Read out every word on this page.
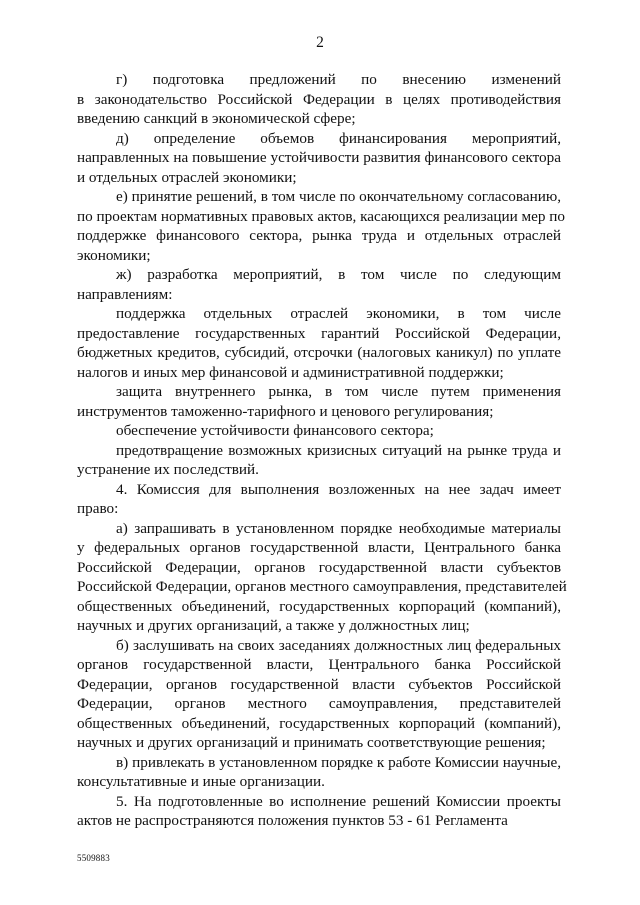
2
г) подготовка предложений по внесению изменений
в законодательство Российской Федерации в целях противодействия
введению санкций в экономической сфере;
д) определение объемов финансирования мероприятий,
направленных на повышение устойчивости развития финансового сектора
и отдельных отраслей экономики;
е) принятие решений, в том числе по окончательному согласованию,
по проектам нормативных правовых актов, касающихся реализации мер по
поддержке финансового сектора, рынка труда и отдельных отраслей
экономики;
ж) разработка мероприятий, в том числе по следующим
направлениям:
поддержка отдельных отраслей экономики, в том числе
предоставление государственных гарантий Российской Федерации,
бюджетных кредитов, субсидий, отсрочки (налоговых каникул) по уплате
налогов и иных мер финансовой и административной поддержки;
защита внутреннего рынка, в том числе путем применения
инструментов таможенно-тарифного и ценового регулирования;
обеспечение устойчивости финансового сектора;
предотвращение возможных кризисных ситуаций на рынке труда и
устранение их последствий.
4. Комиссия для выполнения возложенных на нее задач имеет
право:
а) запрашивать в установленном порядке необходимые материалы
у федеральных органов государственной власти, Центрального банка
Российской Федерации, органов государственной власти субъектов
Российской Федерации, органов местного самоуправления, представителей
общественных объединений, государственных корпораций (компаний),
научных и других организаций, а также у должностных лиц;
б) заслушивать на своих заседаниях должностных лиц федеральных
органов государственной власти, Центрального банка Российской
Федерации, органов государственной власти субъектов Российской
Федерации, органов местного самоуправления, представителей
общественных объединений, государственных корпораций (компаний),
научных и других организаций и принимать соответствующие решения;
в) привлекать в установленном порядке к работе Комиссии научные,
консультативные и иные организации.
5. На подготовленные во исполнение решений Комиссии проекты
актов не распространяются положения пунктов 53 - 61 Регламента
5509883
